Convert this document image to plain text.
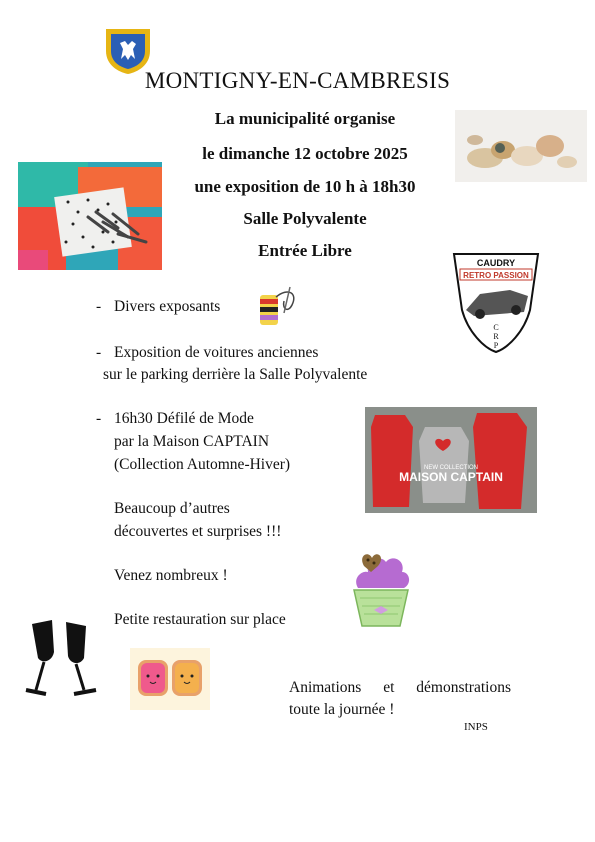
MONTIGNY-EN-CAMBRESIS
La municipalité organise
le dimanche 12 octobre 2025
une exposition de 10 h à 18h30
Salle Polyvalente
Entrée Libre
CAUDRY
RETRO PASSION
C
R
P
- Divers exposants
- Exposition de voitures anciennes
sur le parking derrière la Salle Polyvalente
- 16h30 Défilé de Mode
par la Maison CAPTAIN
(Collection Automne-Hiver)	NEW COLLECTION
MAISON CAPTAIN
Beaucoup d’autres
découvertes et surprises !!!
Venez nombreux !
Petite restauration sur place
Animations et démonstrations
toute la journée !
INPS
